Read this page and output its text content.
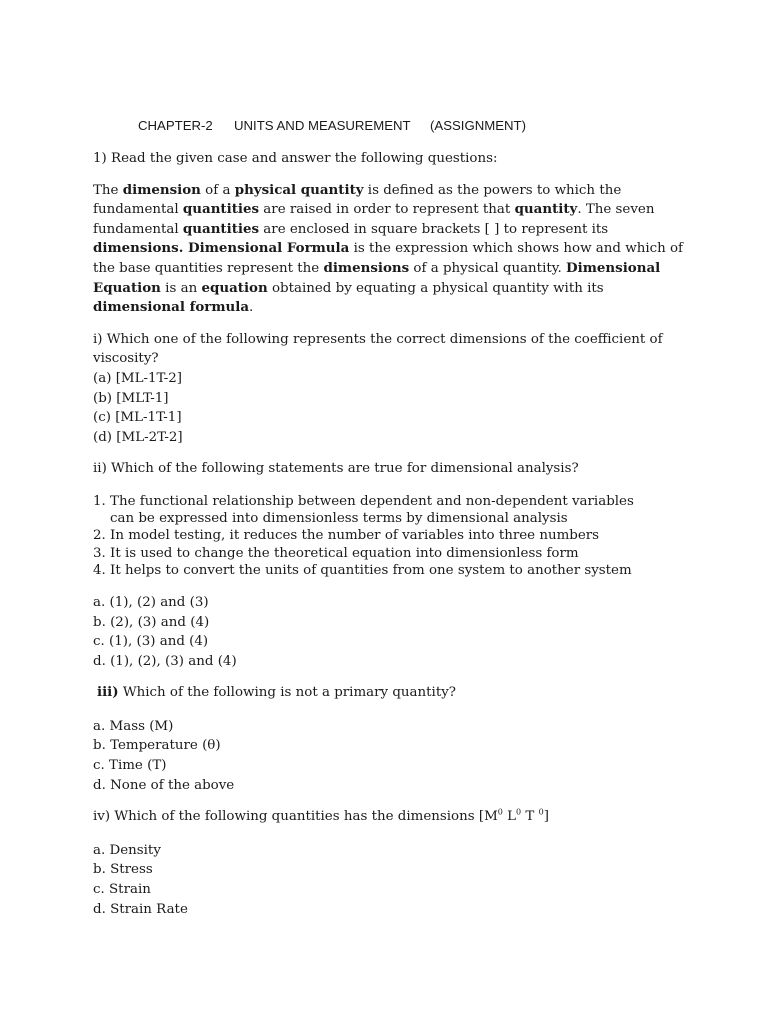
CHAPTER-2 UNITS AND MEASUREMENT (ASSIGNMENT)

1) Read the given case and answer the following questions:

The dimension of a physical quantity is defined as the powers to which the fundamental quantities are raised in order to represent that quantity. The seven fundamental quantities are enclosed in square brackets [ ] to represent its dimensions. Dimensional Formula is the expression which shows how and which of the base quantities represent the dimensions of a physical quantity. Dimensional Equation is an equation obtained by equating a physical quantity with its dimensional formula.

i) Which one of the following represents the correct dimensions of the coefficient of viscosity?

(a) [ML-1T-2]
(b) [MLT-1]
(c) [ML-1T-1]
(d) [ML-2T-2]

ii) Which of the following statements are true for dimensional analysis?

1. The functional relationship between dependent and non-dependent variables
can be expressed into dimensionless terms by dimensional analysis
2. In model testing, it reduces the number of variables into three numbers
3. It is used to change the theoretical equation into dimensionless form
4. It helps to convert the units of quantities from one system to another system
a. (1), (2) and (3)
b. (2), (3) and (4)
c. (1), (3) and (4)
d. (1), (2), (3) and (4)

iii) Which of the following is not a primary quantity?

a. Mass (M)
b. Temperature (θ)
c. Time (T)
d. None of the above

iv) Which of the following quantities has the dimensions [$M^0$ $L^0$ T $^0$]

a. Density
b. Stress
c. Strain
d. Strain Rate
